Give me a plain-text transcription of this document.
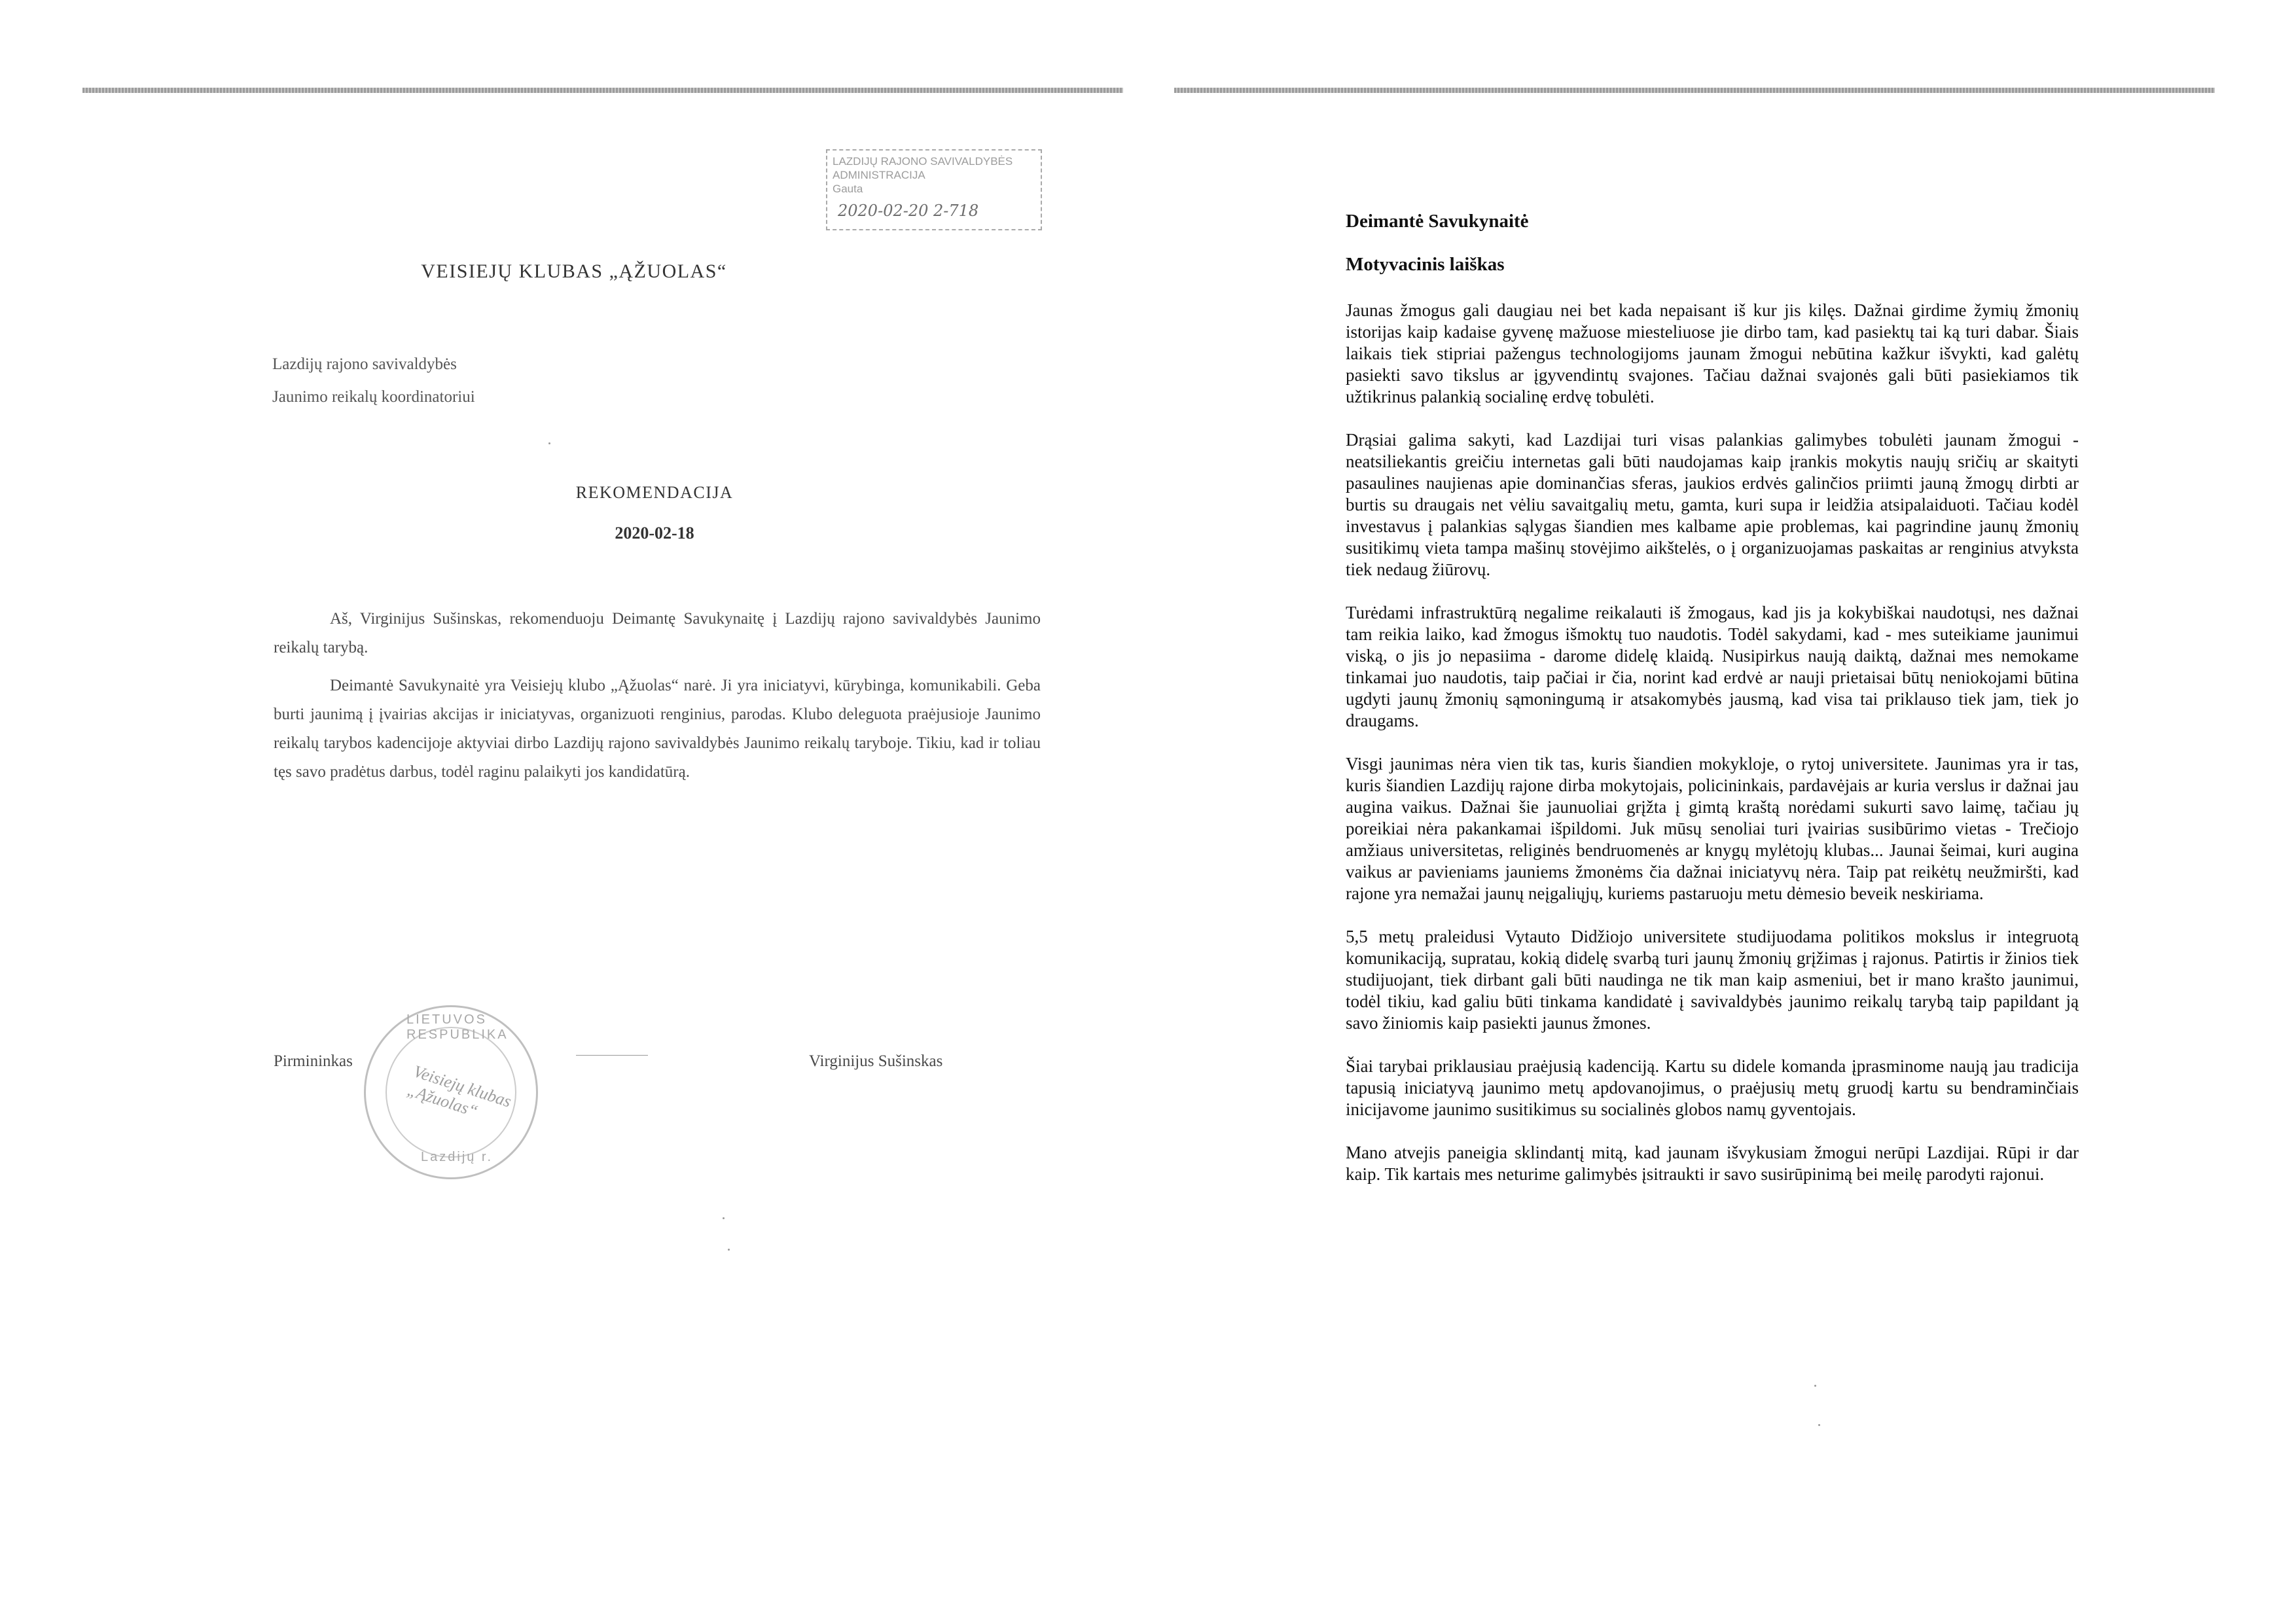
LAZDIJŲ RAJONO SAVIVALDYBĖS
ADMINISTRACIJA
Gauta
2020-02-20 2-718
VEISIEJŲ KLUBAS „ĄŽUOLAS“
Lazdijų rajono savivaldybės
Jaunimo reikalų koordinatoriui
REKOMENDACIJA
2020-02-18

Aš, Virginijus Sušinskas, rekomenduoju Deimantę Savukynaitę į Lazdijų rajono savivaldybės Jaunimo reikalų tarybą.

Deimantė Savukynaitė yra Veisiejų klubo „Ąžuolas“ narė. Ji yra iniciatyvi, kūrybinga, komunikabili. Geba burti jaunimą į įvairias akcijas ir iniciatyvas, organizuoti renginius, parodas. Klubo deleguota praėjusioje Jaunimo reikalų tarybos kadencijoje aktyviai dirbo Lazdijų rajono savivaldybės Jaunimo reikalų taryboje. Tikiu, kad ir toliau tęs savo pradėtus darbus, todėl raginu palaikyti jos kandidatūrą.

LIETUVOS RESPUBLIKA
Lazdijų r.
Veisiejų klubas „Ąžuolas“
Pirmininkas	Virginijus Sušinskas
Deimantė Savukynaitė
Motyvacinis laiškas

Jaunas žmogus gali daugiau nei bet kada nepaisant iš kur jis kilęs. Dažnai girdime žymių žmonių istorijas kaip kadaise gyvenę mažuose miesteliuose jie dirbo tam, kad pasiektų tai ką turi dabar. Šiais laikais tiek stipriai pažengus technologijoms jaunam žmogui nebūtina kažkur išvykti, kad galėtų pasiekti savo tikslus ar įgyvendintų svajones. Tačiau dažnai svajonės gali būti pasiekiamos tik užtikrinus palankią socialinę erdvę tobulėti.

Drąsiai galima sakyti, kad Lazdijai turi visas palankias galimybes tobulėti jaunam žmogui - neatsiliekantis greičiu internetas gali būti naudojamas kaip įrankis mokytis naujų sričių ar skaityti pasaulines naujienas apie dominančias sferas, jaukios erdvės galinčios priimti jauną žmogų dirbti ar burtis su draugais net vėliu savaitgalių metu, gamta, kuri supa ir leidžia atsipalaiduoti. Tačiau kodėl investavus į palankias sąlygas šiandien mes kalbame apie problemas, kai pagrindine jaunų žmonių susitikimų vieta tampa mašinų stovėjimo aikštelės, o į organizuojamas paskaitas ar renginius atvyksta tiek nedaug žiūrovų.

Turėdami infrastruktūrą negalime reikalauti iš žmogaus, kad jis ja kokybiškai naudotųsi, nes dažnai tam reikia laiko, kad žmogus išmoktų tuo naudotis. Todėl sakydami, kad - mes suteikiame jaunimui viską, o jis jo nepasiima - darome didelę klaidą. Nusipirkus naują daiktą, dažnai mes nemokame tinkamai juo naudotis, taip pačiai ir čia, norint kad erdvė ar nauji prietaisai būtų neniokojami būtina ugdyti jaunų žmonių sąmoningumą ir atsakomybės jausmą, kad visa tai priklauso tiek jam, tiek jo draugams.

Visgi jaunimas nėra vien tik tas, kuris šiandien mokykloje, o rytoj universitete. Jaunimas yra ir tas, kuris šiandien Lazdijų rajone dirba mokytojais, policininkais, pardavėjais ar kuria verslus ir dažnai jau augina vaikus. Dažnai šie jaunuoliai grįžta į gimtą kraštą norėdami sukurti savo laimę, tačiau jų poreikiai nėra pakankamai išpildomi. Juk mūsų senoliai turi įvairias susibūrimo vietas - Trečiojo amžiaus universitetas, religinės bendruomenės ar knygų mylėtojų klubas... Jaunai šeimai, kuri augina vaikus ar pavieniams jauniems žmonėms čia dažnai iniciatyvų nėra. Taip pat reikėtų neužmiršti, kad rajone yra nemažai jaunų neįgaliųjų, kuriems pastaruoju metu dėmesio beveik neskiriama.

5,5 metų praleidusi Vytauto Didžiojo universitete studijuodama politikos mokslus ir integruotą komunikaciją, supratau, kokią didelę svarbą turi jaunų žmonių grįžimas į rajonus. Patirtis ir žinios tiek studijuojant, tiek dirbant gali būti naudinga ne tik man kaip asmeniui, bet ir mano krašto jaunimui, todėl tikiu, kad galiu būti tinkama kandidatė į savivaldybės jaunimo reikalų tarybą taip papildant ją savo žiniomis kaip pasiekti jaunus žmones.

Šiai tarybai priklausiau praėjusią kadenciją. Kartu su didele komanda įprasminome naują jau tradicija tapusią iniciatyvą jaunimo metų apdovanojimus, o praėjusių metų gruodį kartu su bendraminčiais inicijavome jaunimo susitikimus su socialinės globos namų gyventojais.

Mano atvejis paneigia sklindantį mitą, kad jaunam išvykusiam žmogui nerūpi Lazdijai. Rūpi ir dar kaip. Tik kartais mes neturime galimybės įsitraukti ir savo susirūpinimą bei meilę parodyti rajonui.
